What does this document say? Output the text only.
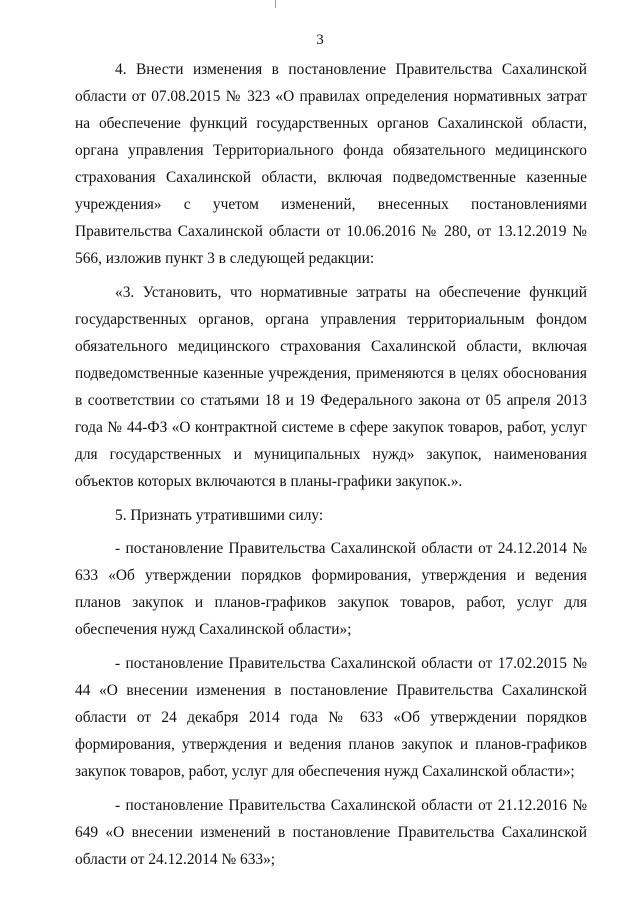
3

4. Внести изменения в постановление Правительства Сахалинской области от 07.08.2015 № 323 «О правилах определения нормативных затрат на обеспечение функций государственных органов Сахалинской области, органа управления Территориального фонда обязательного медицинского страхования Сахалинской области, включая подведомственные казенные учреждения» с учетом изменений, внесенных постановлениями Правительства Сахалинской области от 10.06.2016 № 280, от 13.12.2019 № 566, изложив пункт 3 в следующей редакции:

«3. Установить, что нормативные затраты на обеспечение функций государственных органов, органа управления территориальным фондом обязательного медицинского страхования Сахалинской области, включая подведомственные казенные учреждения, применяются в целях обоснования в соответствии со статьями 18 и 19 Федерального закона от 05 апреля 2013 года № 44-ФЗ «О контрактной системе в сфере закупок товаров, работ, услуг для государственных и муниципальных нужд» закупок, наименования объектов которых включаются в планы-графики закупок.».

5. Признать утратившими силу:

- постановление Правительства Сахалинской области от 24.12.2014 № 633 «Об утверждении порядков формирования, утверждения и ведения планов закупок и планов-графиков закупок товаров, работ, услуг для обеспечения нужд Сахалинской области»;

- постановление Правительства Сахалинской области от 17.02.2015 № 44 «О внесении изменения в постановление Правительства Сахалинской области от 24 декабря 2014 года № 633 «Об утверждении порядков формирования, утверждения и ведения планов закупок и планов-графиков закупок товаров, работ, услуг для обеспечения нужд Сахалинской области»;

- постановление Правительства Сахалинской области от 21.12.2016 № 649 «О внесении изменений в постановление Правительства Сахалинской области от 24.12.2014 № 633»;
